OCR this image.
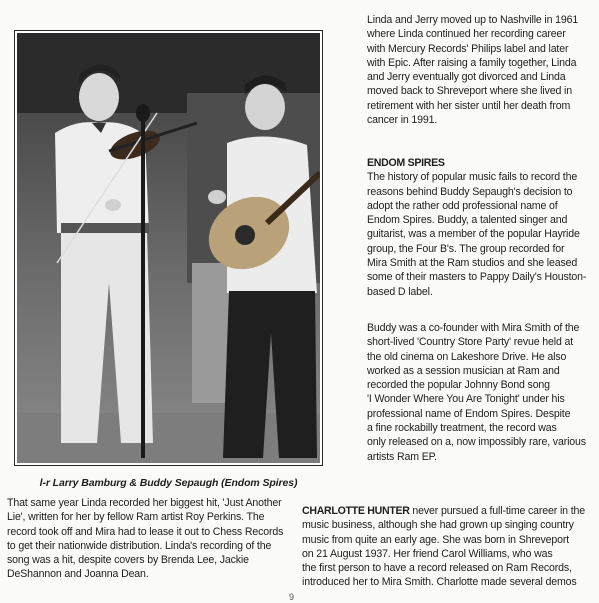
l-r Larry Bamburg & Buddy Sepaugh (Endom Spires)
Linda and Jerry moved up to Nashville in 1961
where Linda continued her recording career
with Mercury Records' Philips label and later
with Epic. After raising a family together, Linda
and Jerry eventually got divorced and Linda
moved back to Shreveport where she lived in
retirement with her sister until her death from
cancer in 1991.
ENDOM SPIRES
The history of popular music fails to record the
reasons behind Buddy Sepaugh's decision to
adopt the rather odd professional name of
Endom Spires. Buddy, a talented singer and
guitarist, was a member of the popular Hayride
group, the Four B's. The group recorded for
Mira Smith at the Ram studios and she leased
some of their masters to Pappy Daily's Houston-
based D label.
Buddy was a co-founder with Mira Smith of the
short-lived 'Country Store Party' revue held at
the old cinema on Lakeshore Drive. He also
worked as a session musician at Ram and
recorded the popular Johnny Bond song
'I Wonder Where You Are Tonight' under his
professional name of Endom Spires. Despite
a fine rockabilly treatment, the record was
only released on a, now impossibly rare, various
artists Ram EP.
That same year Linda recorded her biggest hit, 'Just Another
Lie', written for her by fellow Ram artist Roy Perkins. The
record took off and Mira had to lease it out to Chess Records
to get their nationwide distribution. Linda's recording of the
song was a hit, despite covers by Brenda Lee, Jackie
DeShannon and Joanna Dean.
CHARLOTTE HUNTER never pursued a full-time career in the
music business, although she had grown up singing country
music from quite an early age. She was born in Shreveport
on 21 August 1937. Her friend Carol Williams, who was
the first person to have a record released on Ram Records,
introduced her to Mira Smith. Charlotte made several demos
9
